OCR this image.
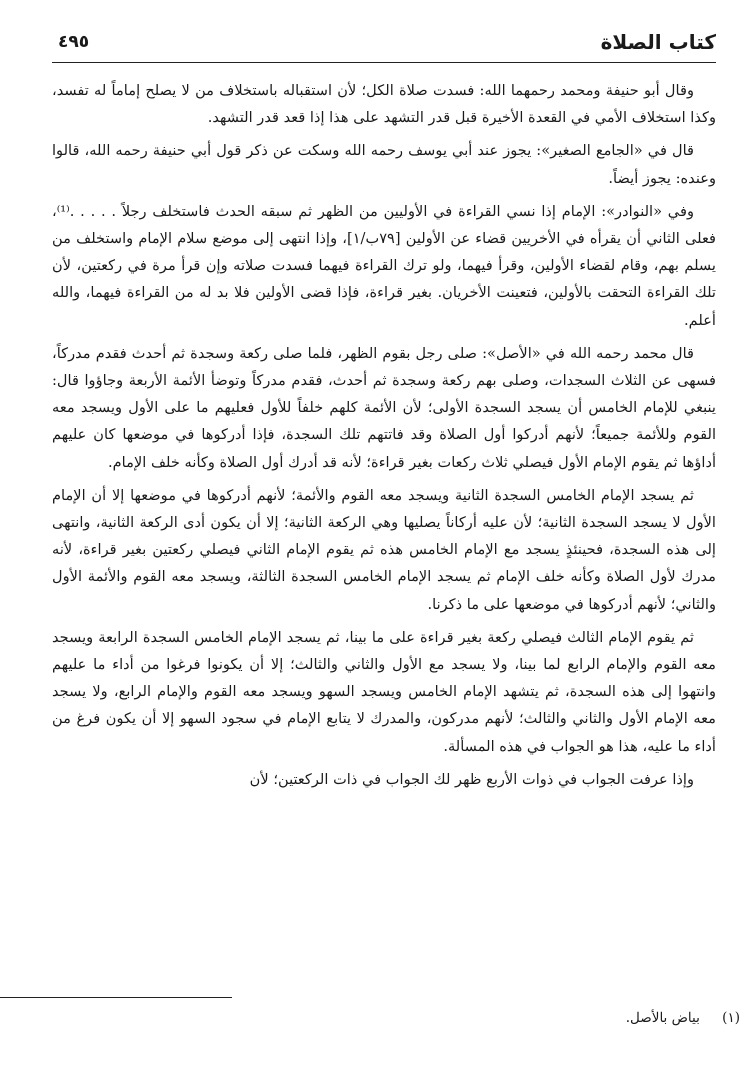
كتاب الصلاة
٤٩٥

وقال أبو حنيفة ومحمد رحمهما الله: فسدت صلاة الكل؛ لأن استقباله باستخلاف من لا يصلح إماماً له تفسد، وكذا استخلاف الأمي في القعدة الأخيرة قبل قدر التشهد على هذا إذا قعد قدر التشهد.

قال في «الجامع الصغير»: يجوز عند أبي يوسف رحمه الله وسكت عن ذكر قول أبي حنيفة رحمه الله، قالوا وعنده: يجوز أيضاً.

وفي «النوادر»: الإمام إذا نسي القراءة في الأوليين من الظهر ثم سبقه الحدث فاستخلف رجلاً . . . . .⁽¹⁾، فعلى الثاني أن يقرأه في الأخريين قضاء عن الأولين [٧٩ب/١]، وإذا انتهى إلى موضع سلام الإمام واستخلف من يسلم بهم، وقام لقضاء الأولين، وقرأ فيهما، ولو ترك القراءة فيهما فسدت صلاته وإن قرأ مرة في ركعتين، لأن تلك القراءة التحقت بالأولين، فتعينت الأخريان. بغير قراءة، فإذا قضى الأولين فلا بد له من القراءة فيهما، والله أعلم.

قال محمد رحمه الله في «الأصل»: صلى رجل بقوم الظهر، فلما صلى ركعة وسجدة ثم أحدث فقدم مدركاً، فسهى عن الثلاث السجدات، وصلى بهم ركعة وسجدة ثم أحدث، فقدم مدركاً وتوضأ الأئمة الأربعة وجاؤوا قال: ينبغي للإمام الخامس أن يسجد السجدة الأولى؛ لأن الأئمة كلهم خلفاً للأول فعليهم ما على الأول ويسجد معه القوم وللأئمة جميعاً؛ لأنهم أدركوا أول الصلاة وقد فاتتهم تلك السجدة، فإذا أدركوها في موضعها كان عليهم أداؤها ثم يقوم الإمام الأول فيصلي ثلاث ركعات بغير قراءة؛ لأنه قد أدرك أول الصلاة وكأنه خلف الإمام.

ثم يسجد الإمام الخامس السجدة الثانية ويسجد معه القوم والأئمة؛ لأنهم أدركوها في موضعها إلا أن الإمام الأول لا يسجد السجدة الثانية؛ لأن عليه أركاناً يصليها وهي الركعة الثانية؛ إلا أن يكون أدى الركعة الثانية، وانتهى إلى هذه السجدة، فحينئذٍ يسجد مع الإمام الخامس هذه ثم يقوم الإمام الثاني فيصلي ركعتين بغير قراءة، لأنه مدرك لأول الصلاة وكأنه خلف الإمام ثم يسجد الإمام الخامس السجدة الثالثة، ويسجد معه القوم والأئمة الأول والثاني؛ لأنهم أدركوها في موضعها على ما ذكرنا.

ثم يقوم الإمام الثالث فيصلي ركعة بغير قراءة على ما بينا، ثم يسجد الإمام الخامس السجدة الرابعة ويسجد معه القوم والإمام الرابع لما بينا، ولا يسجد مع الأول والثاني والثالث؛ إلا أن يكونوا فرغوا من أداء ما عليهم وانتهوا إلى هذه السجدة، ثم يتشهد الإمام الخامس ويسجد السهو ويسجد معه القوم والإمام الرابع، ولا يسجد معه الإمام الأول والثاني والثالث؛ لأنهم مدركون، والمدرك لا يتابع الإمام في سجود السهو إلا أن يكون فرغ من أداء ما عليه، هذا هو الجواب في هذه المسألة.

وإذا عرفت الجواب في ذوات الأربع ظهر لك الجواب في ذات الركعتين؛ لأن

(١) بياض بالأصل.
